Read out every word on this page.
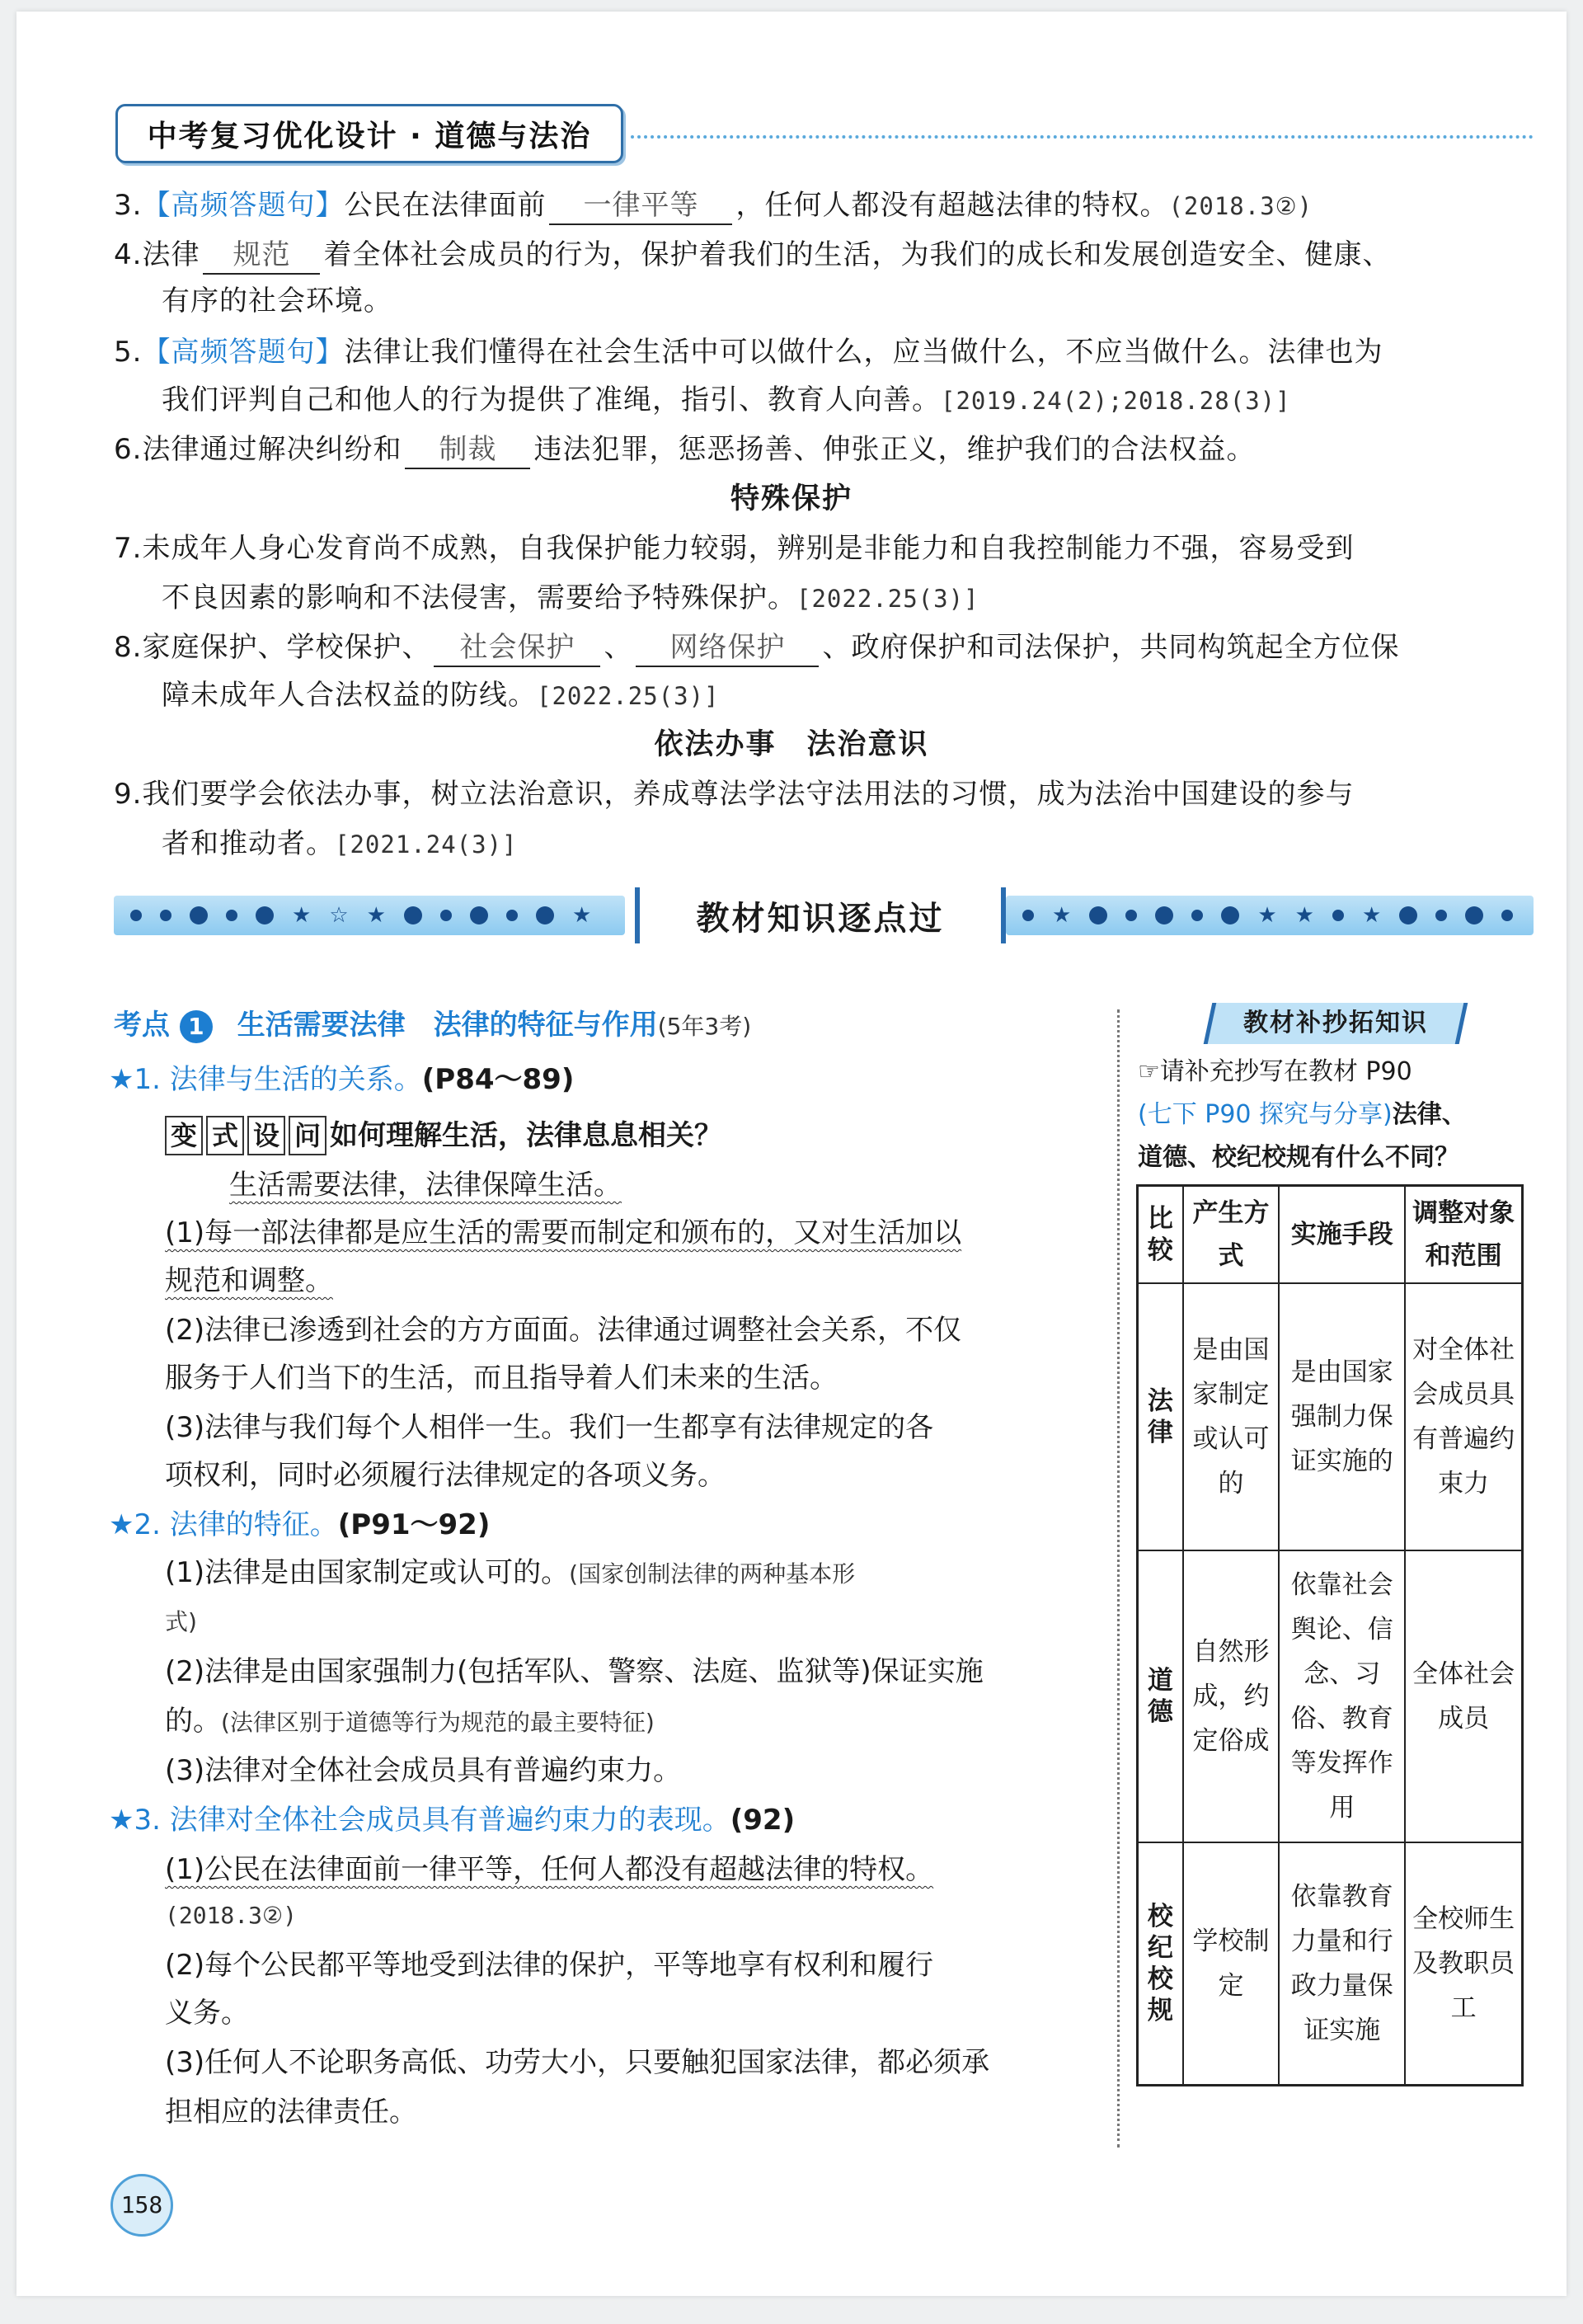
中考复习优化设计 · 道德与法治
3.【高频答题句】公民在法律面前 一律平等 ，任何人都没有超越法律的特权。(2018.3②)
4.法律 规范 着全体社会成员的行为，保护着我们的生活，为我们的成长和发展创造安全、健康、
有序的社会环境。
5.【高频答题句】法律让我们懂得在社会生活中可以做什么，应当做什么，不应当做什么。法律也为
我们评判自己和他人的行为提供了准绳，指引、教育人向善。[2019.24(2);2018.28(3)]
6.法律通过解决纠纷和 制裁 违法犯罪，惩恶扬善、伸张正义，维护我们的合法权益。
特殊保护
7.未成年人身心发育尚不成熟，自我保护能力较弱，辨别是非能力和自我控制能力不强，容易受到
不良因素的影响和不法侵害，需要给予特殊保护。[2022.25(3)]
8.家庭保护、学校保护、 社会保护 、 网络保护 、政府保护和司法保护，共同构筑起全方位保
障未成年人合法权益的防线。[2022.25(3)]
依法办事　法治意识
9.我们要学会依法办事，树立法治意识，养成尊法学法守法用法的习惯，成为法治中国建设的参与
者和推动者。[2021.24(3)]
★ ☆ ★	★	教材知识逐点过	★	★ ★ ★
考点 1 生活需要法律　法律的特征与作用(5年3考)
★1. 法律与生活的关系。(P84～89)
变 式 设 问 如何理解生活，法律息息相关？
生活需要法律，法律保障生活。
(1)每一部法律都是应生活的需要而制定和颁布的，又对生活加以
规范和调整。
(2)法律已渗透到社会的方方面面。法律通过调整社会关系，不仅
服务于人们当下的生活，而且指导着人们未来的生活。
(3)法律与我们每个人相伴一生。我们一生都享有法律规定的各
项权利，同时必须履行法律规定的各项义务。
★2. 法律的特征。(P91～92)
(1)法律是由国家制定或认可的。(国家创制法律的两种基本形
式)
(2)法律是由国家强制力(包括军队、警察、法庭、监狱等)保证实施
的。(法律区别于道德等行为规范的最主要特征)
(3)法律对全体社会成员具有普遍约束力。
★3. 法律对全体社会成员具有普遍约束力的表现。(92)
(1)公民在法律面前一律平等，任何人都没有超越法律的特权。
(2018.3②)
(2)每个公民都平等地受到法律的保护，平等地享有权利和履行
义务。
(3)任何人不论职务高低、功劳大小，只要触犯国家法律，都必须承
担相应的法律责任。
教材补抄拓知识
☞请补充抄写在教材 P90
(七下 P90 探究与分享)法律、
道德、校纪校规有什么不同？
比较	产生方式	实施手段	调整对象和范围
法律	是由国家制定或认可的	是由国家强制力保证实施的	对全体社会成员具有普遍约束力
道德	自然形成，约定俗成	依靠社会舆论、信念、习俗、教育等发挥作用	全体社会成员
校纪校规	学校制定	依靠教育力量和行政力量保证实施	全校师生及教职员工
158
